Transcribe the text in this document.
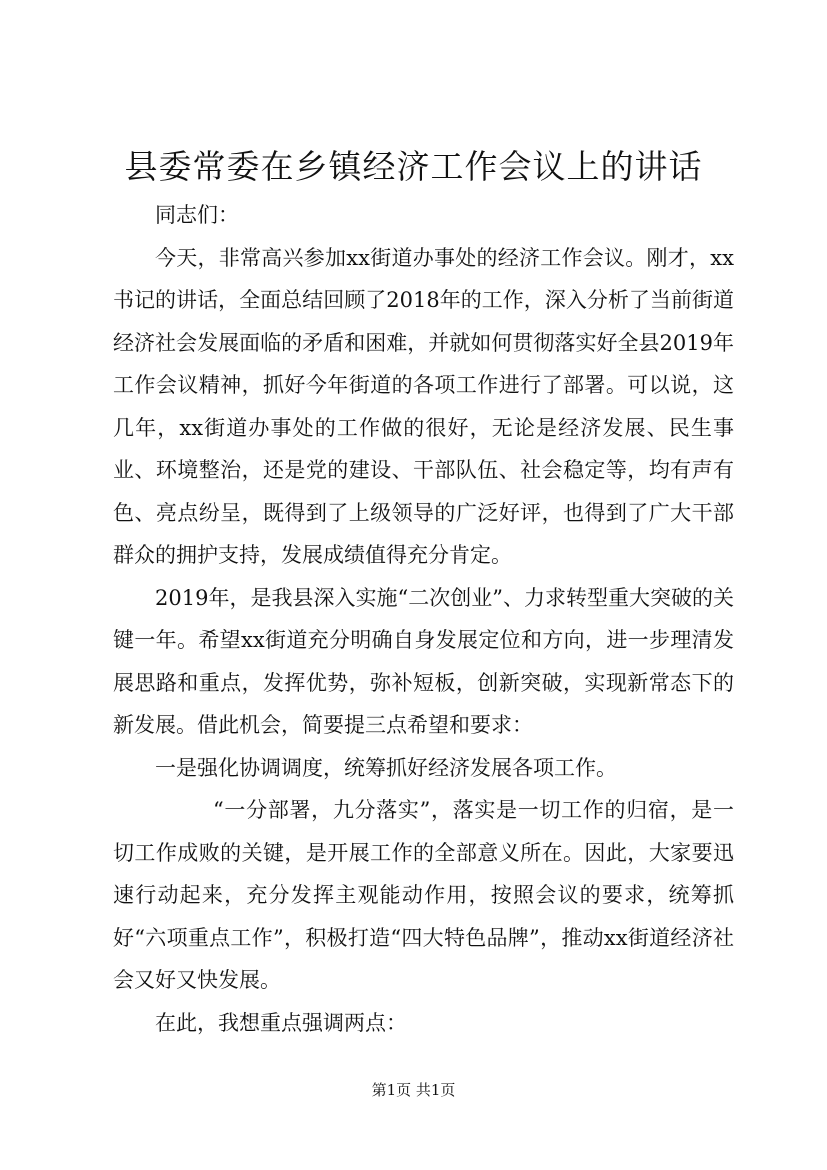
县委常委在乡镇经济工作会议上的讲话

同志们：

今天，非常高兴参加xx街道办事处的经济工作会议。刚才，xx书记的讲话，全面总结回顾了2018年的工作，深入分析了当前街道经济社会发展面临的矛盾和困难，并就如何贯彻落实好全县2019年工作会议精神，抓好今年街道的各项工作进行了部署。可以说，这几年，xx街道办事处的工作做的很好，无论是经济发展、民生事业、环境整治，还是党的建设、干部队伍、社会稳定等，均有声有色、亮点纷呈，既得到了上级领导的广泛好评，也得到了广大干部群众的拥护支持，发展成绩值得充分肯定。

2019年，是我县深入实施“二次创业”、力求转型重大突破的关键一年。希望xx街道充分明确自身发展定位和方向，进一步理清发展思路和重点，发挥优势，弥补短板，创新突破，实现新常态下的新发展。借此机会，简要提三点希望和要求：

一是强化协调调度，统筹抓好经济发展各项工作。

“一分部署，九分落实”，落实是一切工作的归宿，是一切工作成败的关键，是开展工作的全部意义所在。因此，大家要迅速行动起来，充分发挥主观能动作用，按照会议的要求，统筹抓好“六项重点工作”，积极打造“四大特色品牌”，推动xx街道经济社会又好又快发展。

在此，我想重点强调两点：

第1页 共1页
